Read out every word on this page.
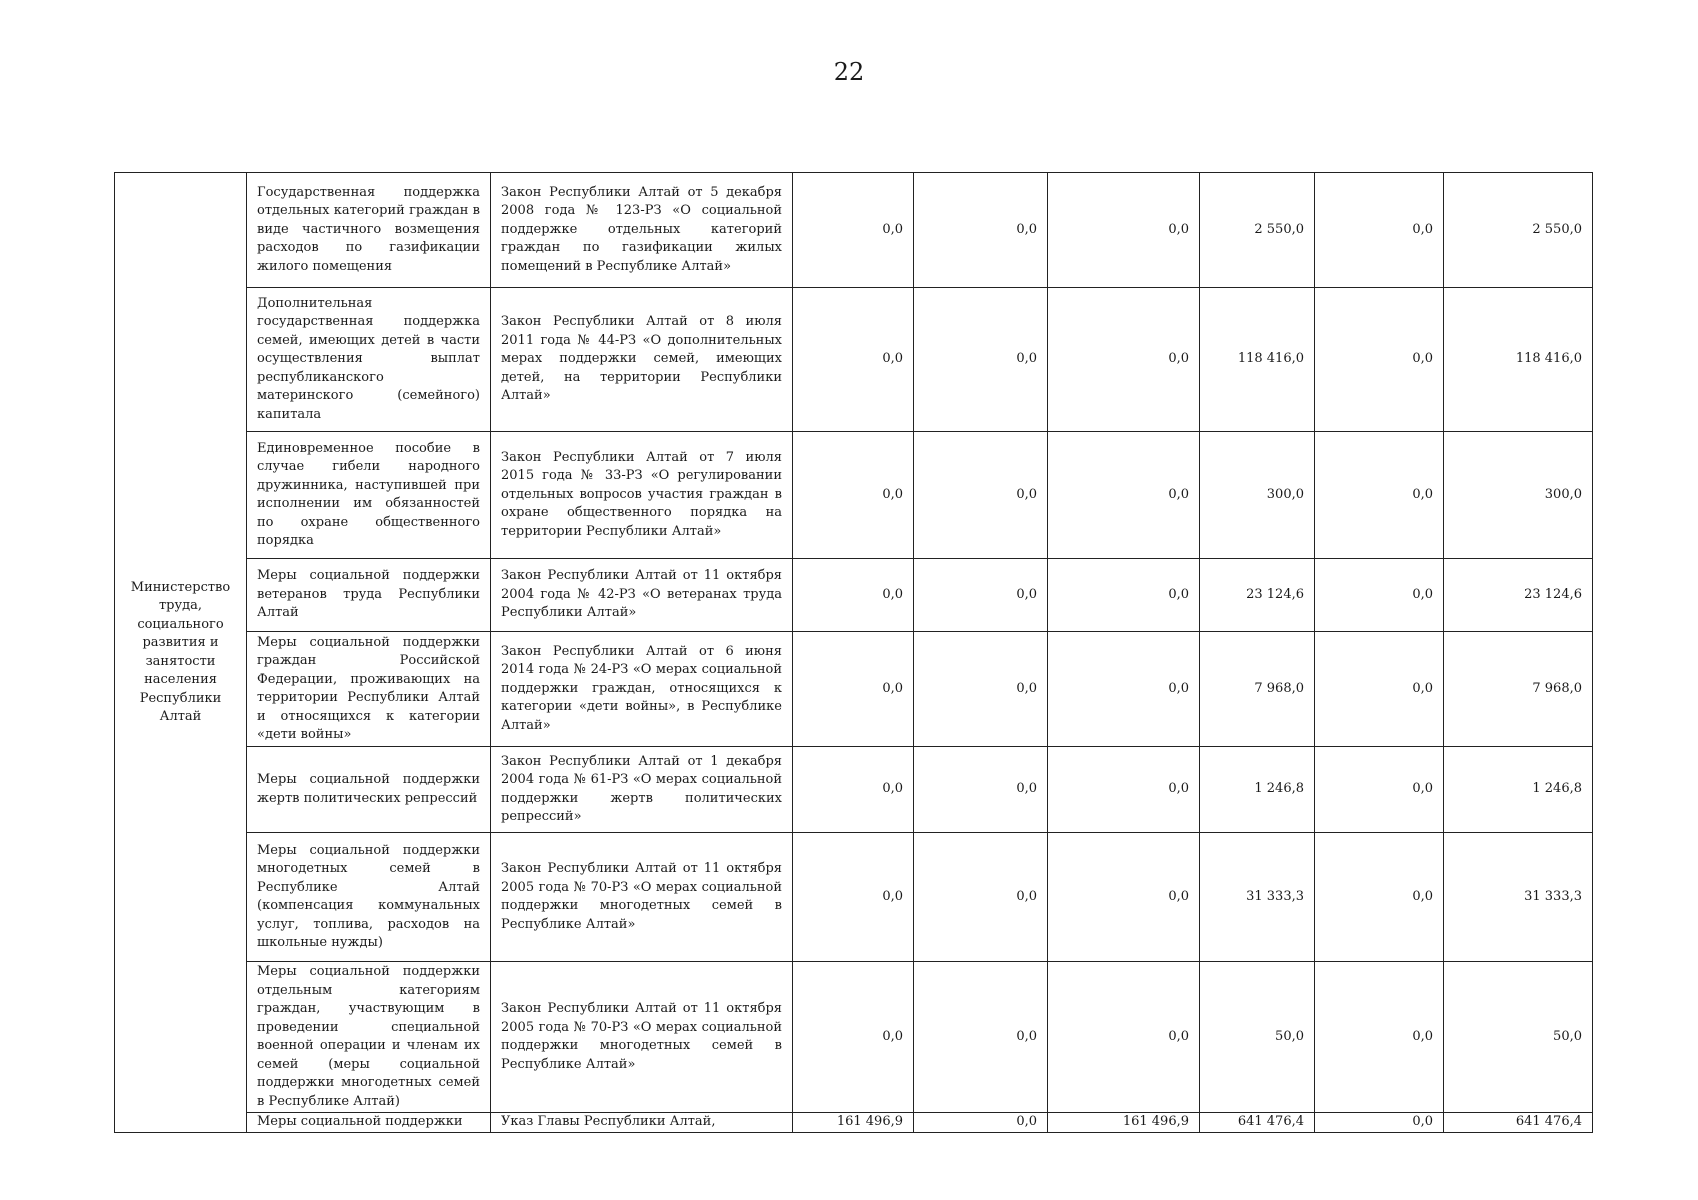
22
Министерство труда, социального развития и занятости населения Республики Алтай	Государственная поддержка отдельных категорий граждан в виде частичного возмещения расходов по газификации жилого помещения	Закон Республики Алтай от 5 декабря 2008 года № 123-РЗ «О социальной поддержке отдельных категорий граждан по газификации жилых помещений в Республике Алтай»	0,0	0,0	0,0	2 550,0	0,0	2 550,0
	Дополнительная государственная поддержка семей, имеющих детей в части осуществления выплат республиканского материнского (семейного) капитала	Закон Республики Алтай от 8 июля 2011 года № 44-РЗ «О дополнительных мерах поддержки семей, имеющих детей, на территории Республики Алтай»	0,0	0,0	0,0	118 416,0	0,0	118 416,0
	Единовременное пособие в случае гибели народного дружинника, наступившей при исполнении им обязанностей по охране общественного порядка	Закон Республики Алтай от 7 июля 2015 года № 33-РЗ «О регулировании отдельных вопросов участия граждан в охране общественного порядка на территории Республики Алтай»	0,0	0,0	0,0	300,0	0,0	300,0
	Меры социальной поддержки ветеранов труда Республики Алтай	Закон Республики Алтай от 11 октября 2004 года № 42-РЗ «О ветеранах труда Республики Алтай»	0,0	0,0	0,0	23 124,6	0,0	23 124,6
	Меры социальной поддержки граждан Российской Федерации, проживающих на территории Республики Алтай и относящихся к категории «дети войны»	Закон Республики Алтай от 6 июня 2014 года № 24-РЗ «О мерах социальной поддержки граждан, относящихся к категории «дети войны», в Республике Алтай»	0,0	0,0	0,0	7 968,0	0,0	7 968,0
	Меры социальной поддержки жертв политических репрессий	Закон Республики Алтай от 1 декабря 2004 года № 61-РЗ «О мерах социальной поддержки жертв политических репрессий»	0,0	0,0	0,0	1 246,8	0,0	1 246,8
	Меры социальной поддержки многодетных семей в Республике Алтай (компенсация коммунальных услуг, топлива, расходов на школьные нужды)	Закон Республики Алтай от 11 октября 2005 года № 70-РЗ «О мерах социальной поддержки многодетных семей в Республике Алтай»	0,0	0,0	0,0	31 333,3	0,0	31 333,3
	Меры социальной поддержки отдельным категориям граждан, участвующим в проведении специальной военной операции и членам их семей (меры социальной поддержки многодетных семей в Республике Алтай)	Закон Республики Алтай от 11 октября 2005 года № 70-РЗ «О мерах социальной поддержки многодетных семей в Республике Алтай»	0,0	0,0	0,0	50,0	0,0	50,0
	Меры социальной поддержки	Указ Главы Республики Алтай,	161 496,9	0,0	161 496,9	641 476,4	0,0	641 476,4
